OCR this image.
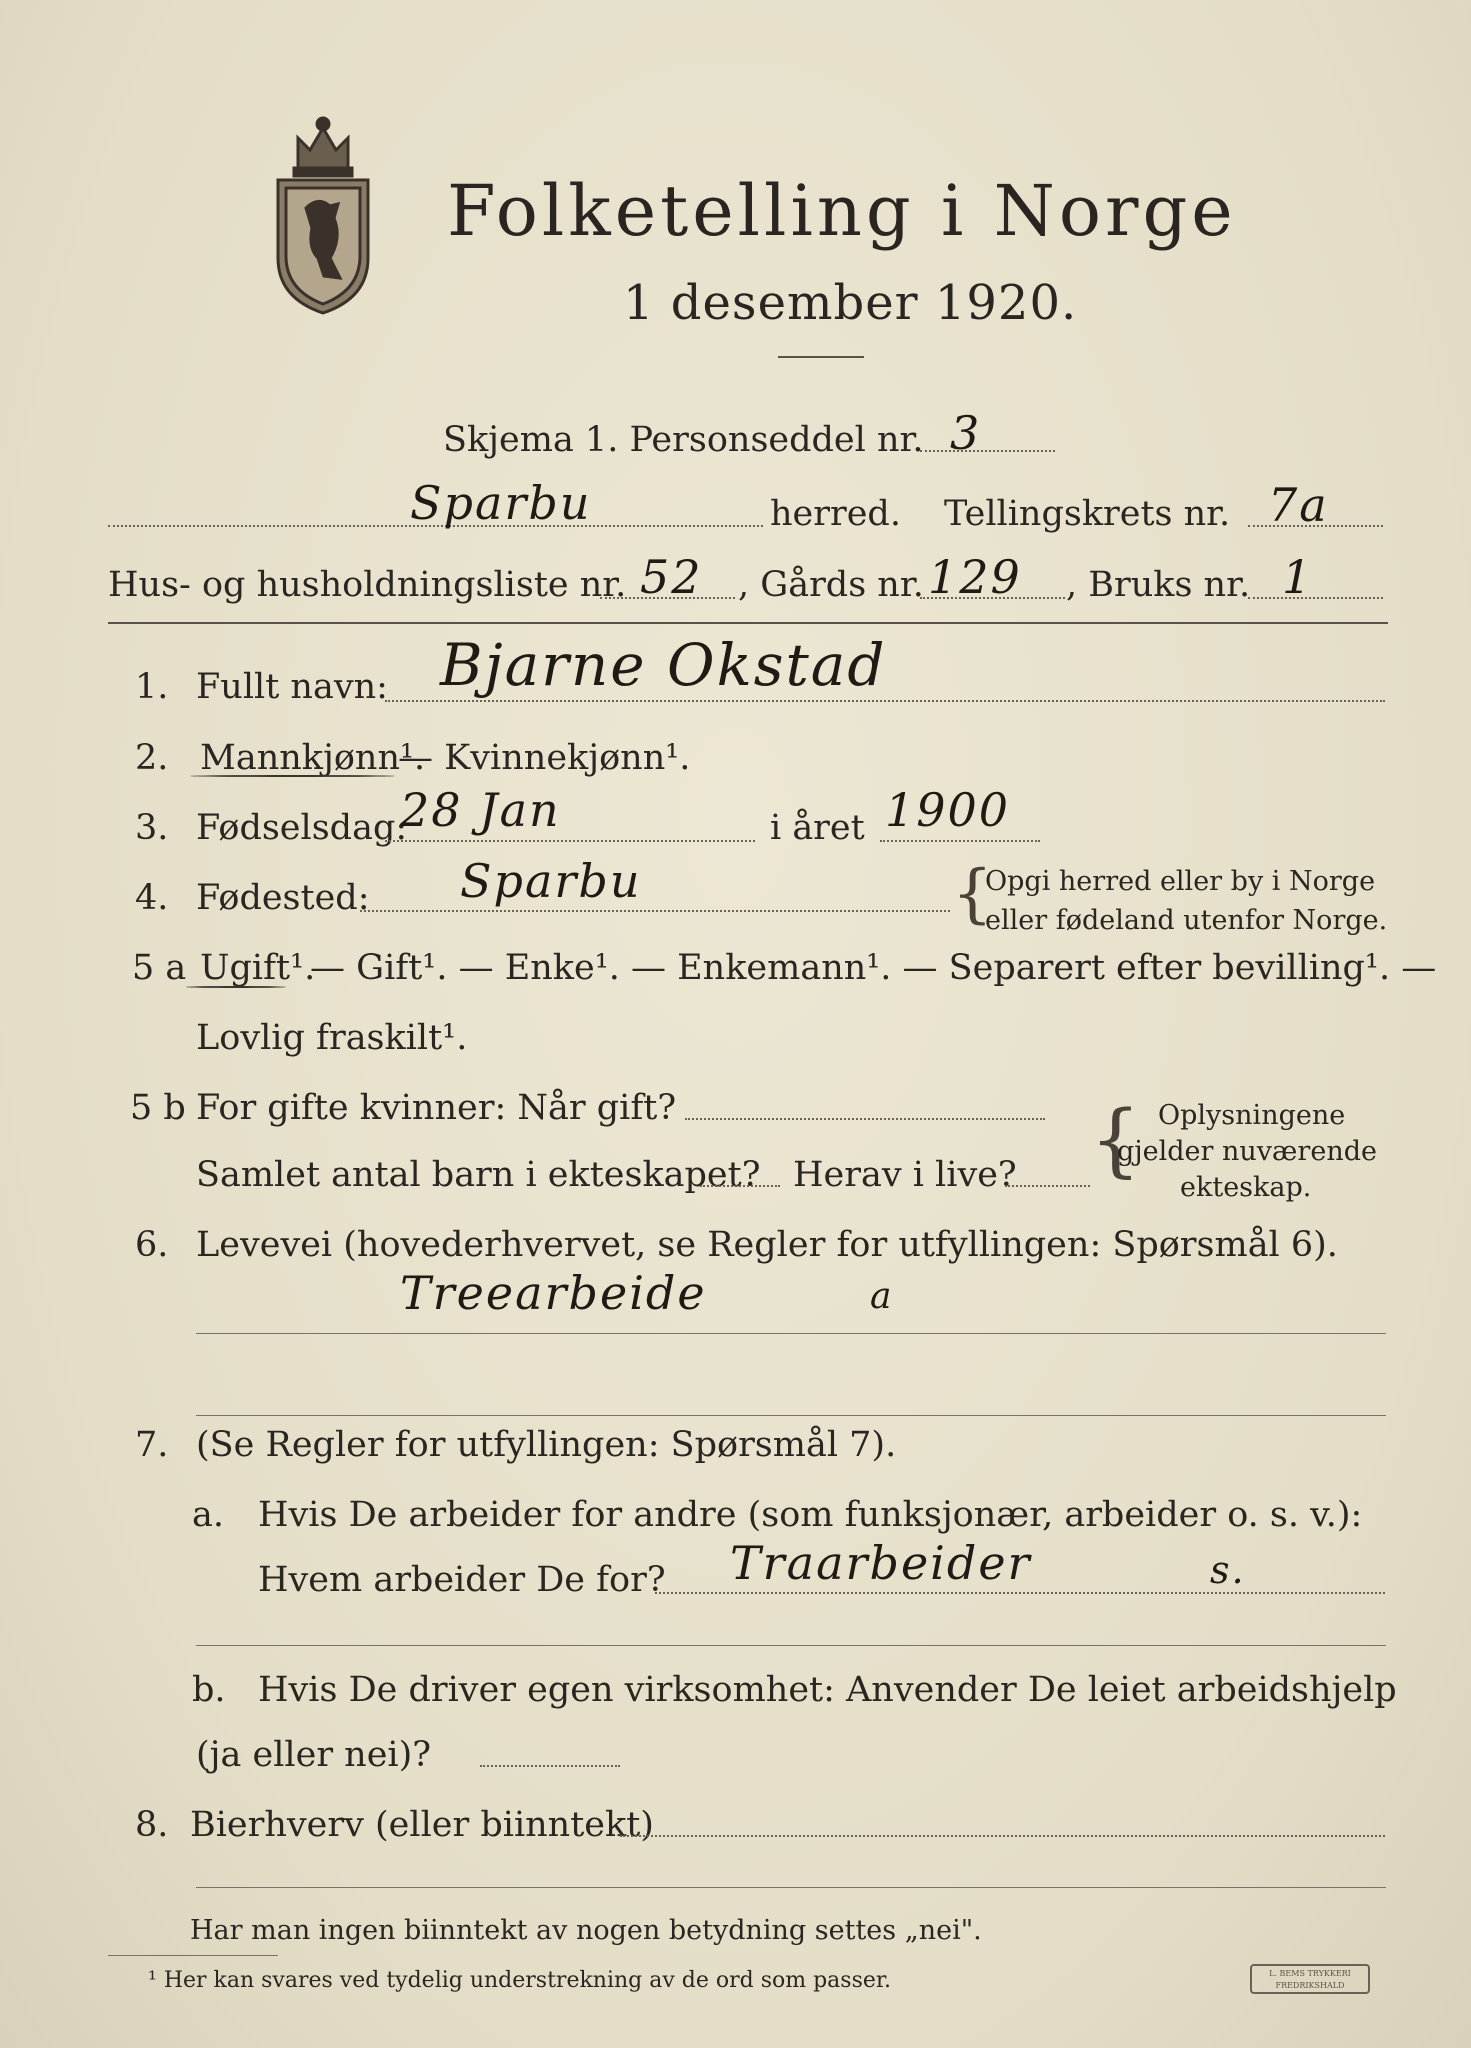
Folketelling i Norge
1 desember 1920.
Skjema 1. Personseddel nr. 3
Sparbu	herred. Tellingskrets nr. 7a
Hus- og husholdningsliste nr. 52 , Gårds nr. 129 , Bruks nr. 1
1. Fullt navn: Bjarne Okstad
2. Mannkjønn¹.
— Kvinnekjønn¹.
3. Fødselsdag:
28 Jan	i året 1900
4. Fødested: Sparbu	{
Opgi herred eller by i Norge
eller fødeland utenfor Norge.
5 a Ugift¹.
— Gift¹. — Enke¹. — Enkemann¹. — Separert efter bevilling¹. —
Lovlig fraskilt¹.
5 b For gifte kvinner: Når gift?
Samlet antal barn i ekteskapet? Herav i live? { Oplysningene
gjelder nuværende
ekteskap.
6. Levevei (hovederhvervet, se Regler for utfyllingen: Spørsmål 6).
Treearbeide	a
7. (Se Regler for utfyllingen: Spørsmål 7).
a. Hvis De arbeider for andre (som funksjonær, arbeider o. s. v.):
Hvem arbeider De for? Traarbeider	s.
b. Hvis De driver egen virksomhet: Anvender De leiet arbeidshjelp
(ja eller nei)?
8. Bierhverv (eller biinntekt)
Har man ingen biinntekt av nogen betydning settes „nei".
¹ Her kan svares ved tydelig understrekning av de ord som passer.	L. BEMS TRYKKERI FREDRIKSHALD
